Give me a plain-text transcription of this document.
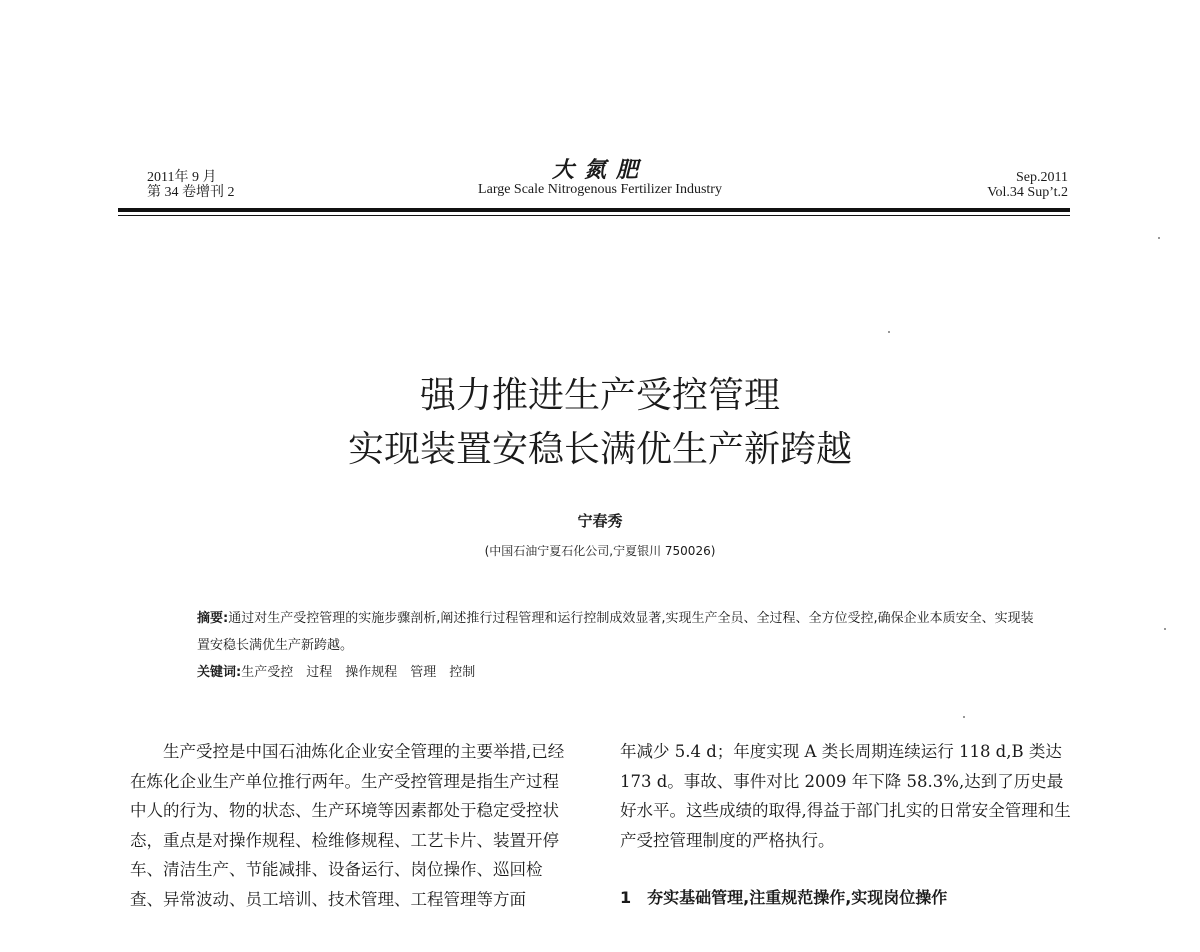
2011年 9 月
第 34 卷增刊 2
大氮肥
Large Scale Nitrogenous Fertilizer Industry
Sep.2011
Vol.34 Sup’t.2
强力推进生产受控管理
实现装置安稳长满优生产新跨越
宁春秀
(中国石油宁夏石化公司,宁夏银川 750026)
摘要:通过对生产受控管理的实施步骤剖析,阐述推行过程管理和运行控制成效显著,实现生产全员、全过程、全方位受控,确保企业本质安全、实现装置安稳长满优生产新跨越。
关键词:生产受控　过程　操作规程　管理　控制
生产受控是中国石油炼化企业安全管理的主要举措,已经在炼化企业生产单位推行两年。生产受控管理是指生产过程中人的行为、物的状态、生产环境等因素都处于稳定受控状态，重点是对操作规程、检维修规程、工艺卡片、装置开停车、清洁生产、节能减排、设备运行、岗位操作、巡回检查、异常波动、员工培训、技术管理、工程管理等方面
年减少 5.4 d；年度实现 A 类长周期连续运行 118 d,B 类达 173 d。事故、事件对比 2009 年下降 58.3%,达到了历史最好水平。这些成绩的取得,得益于部门扎实的日常安全管理和生产受控管理制度的严格执行。
1　夯实基础管理,注重规范操作,实现岗位操作
